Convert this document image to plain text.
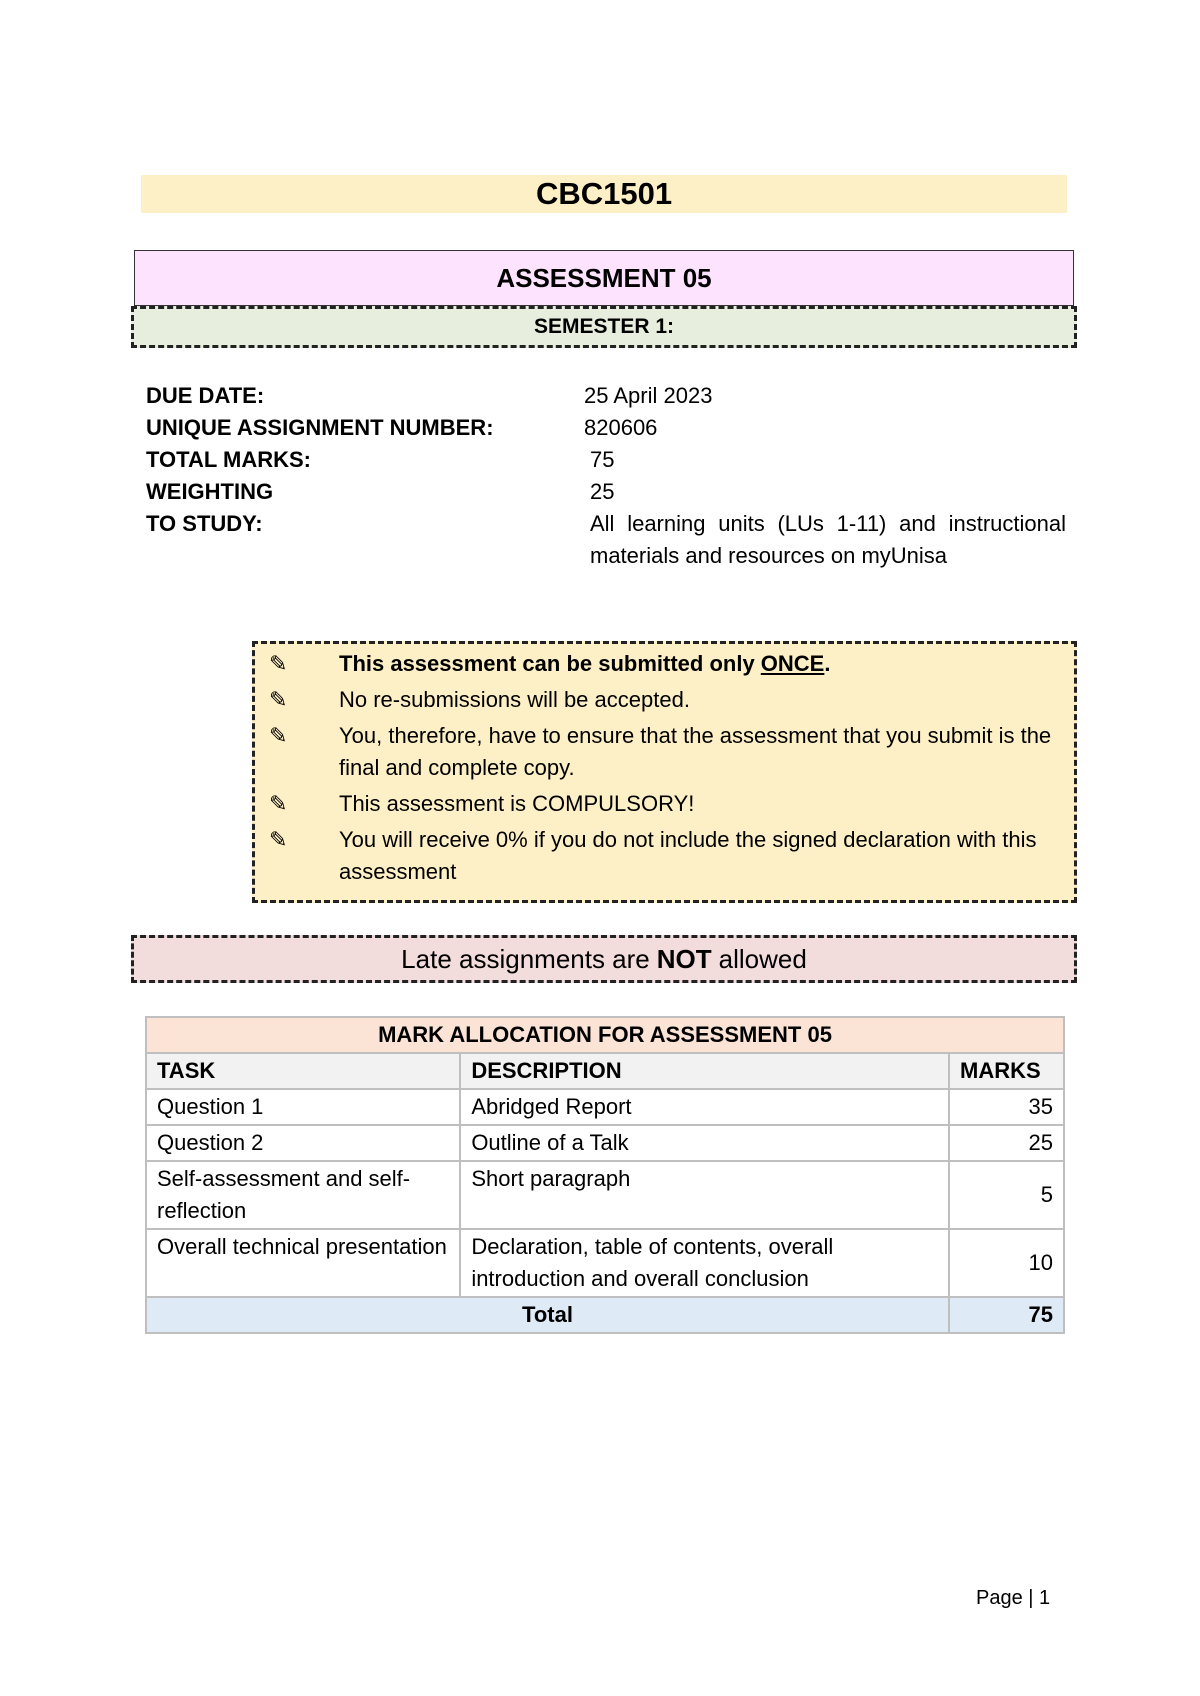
CBC1501
ASSESSMENT 05
SEMESTER 1:
DUE DATE:	25 April 2023
UNIQUE ASSIGNMENT NUMBER:	820606
TOTAL MARKS:	75
WEIGHTING	25
TO STUDY:	All learning units (LUs 1-11) and instructional materials and resources on myUnisa
✎	This assessment can be submitted only ONCE.
✎	No re-submissions will be accepted.
✎	You, therefore, have to ensure that the assessment that you submit is the final and complete copy.
✎	This assessment is COMPULSORY!
✎	You will receive 0% if you do not include the signed declaration with this assessment
Late assignments are NOT allowed
MARK ALLOCATION FOR ASSESSMENT 05		
TASK	DESCRIPTION	MARKS
Question 1	Abridged Report	35
Question 2	Outline of a Talk	25
Self-assessment and self-reflection	Short paragraph	5
Overall technical presentation	Declaration, table of contents, overall introduction and overall conclusion	10
Total		75
Page | 1
